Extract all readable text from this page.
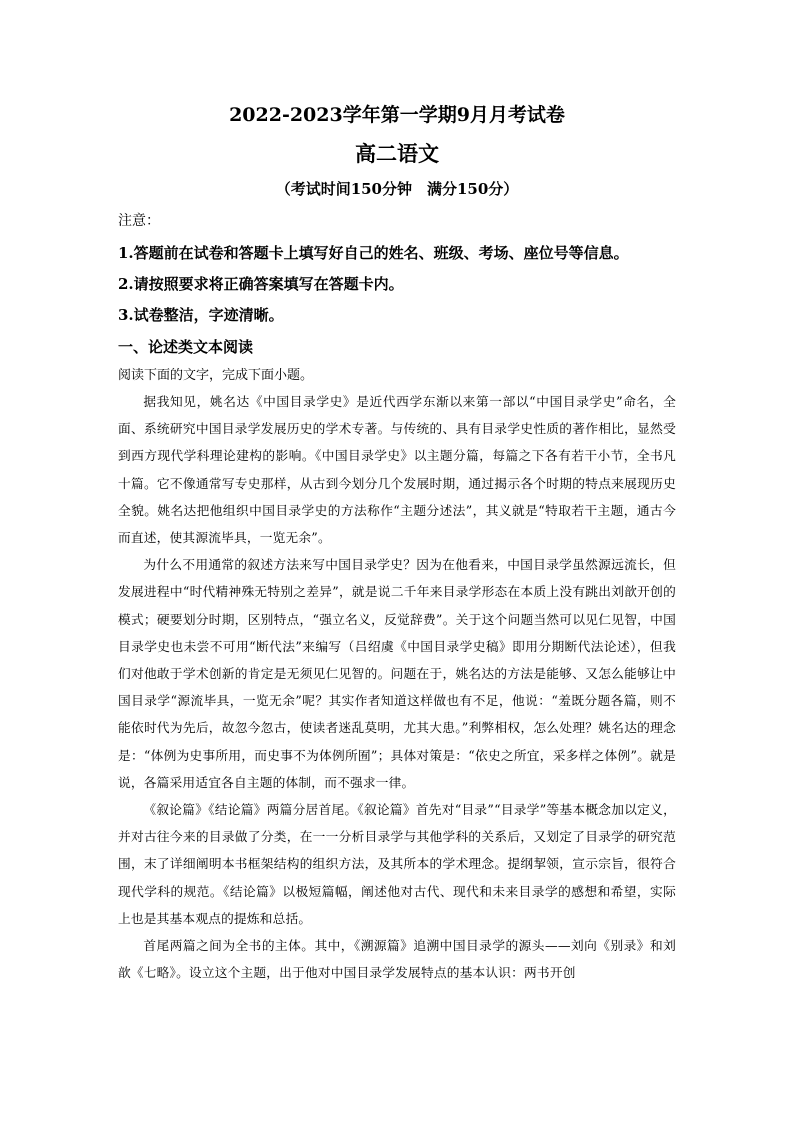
2022-2023学年第一学期9月月考试卷
高二语文
（考试时间150分钟　满分150分）
注意：
1.答题前在试卷和答题卡上填写好自己的姓名、班级、考场、座位号等信息。
2.请按照要求将正确答案填写在答题卡内。
3.试卷整洁，字迹清晰。
一、论述类文本阅读
阅读下面的文字，完成下面小题。

据我知见，姚名达《中国目录学史》是近代西学东渐以来第一部以“中国目录学史”命名，全面、系统研究中国目录学发展历史的学术专著。与传统的、具有目录学史性质的著作相比，显然受到西方现代学科理论建构的影响。《中国目录学史》以主题分篇，每篇之下各有若干小节，全书凡十篇。它不像通常写专史那样，从古到今划分几个发展时期，通过揭示各个时期的特点来展现历史全貌。姚名达把他组织中国目录学史的方法称作“主题分述法”，其义就是“特取若干主题，通古今而直述，使其源流毕具，一览无余”。

为什么不用通常的叙述方法来写中国目录学史？因为在他看来，中国目录学虽然源远流长，但发展进程中“时代精神殊无特别之差异”，就是说二千年来目录学形态在本质上没有跳出刘歆开创的模式；硬要划分时期，区别特点，“强立名义，反觉辞费”。关于这个问题当然可以见仁见智，中国目录学史也未尝不可用“断代法”来编写（吕绍虞《中国目录学史稿》即用分期断代法论述），但我们对他敢于学术创新的肯定是无须见仁见智的。问题在于，姚名达的方法是能够、又怎么能够让中国目录学“源流毕具，一览无余”呢？其实作者知道这样做也有不足，他说：“羞既分题各篇，则不能依时代为先后，故忽今忽古，使读者迷乱莫明，尤其大患。”利弊相权，怎么处理？姚名达的理念是：“体例为史事所用，而史事不为体例所囿”；具体对策是：“依史之所宜，采多样之体例”。就是说，各篇采用适宜各自主题的体制，而不强求一律。

《叙论篇》《结论篇》两篇分居首尾。《叙论篇》首先对“目录”“目录学”等基本概念加以定义，并对古往今来的目录做了分类，在一一分析目录学与其他学科的关系后，又划定了目录学的研究范围，末了详细阐明本书框架结构的组织方法，及其所本的学术理念。提纲挈领，宣示宗旨，很符合现代学科的规范。《结论篇》以极短篇幅，阐述他对古代、现代和未来目录学的感想和希望，实际上也是其基本观点的提炼和总括。

首尾两篇之间为全书的主体。其中，《溯源篇》追溯中国目录学的源头——刘向《别录》和刘歆《七略》。设立这个主题，出于他对中国目录学发展特点的基本认识：两书开创
